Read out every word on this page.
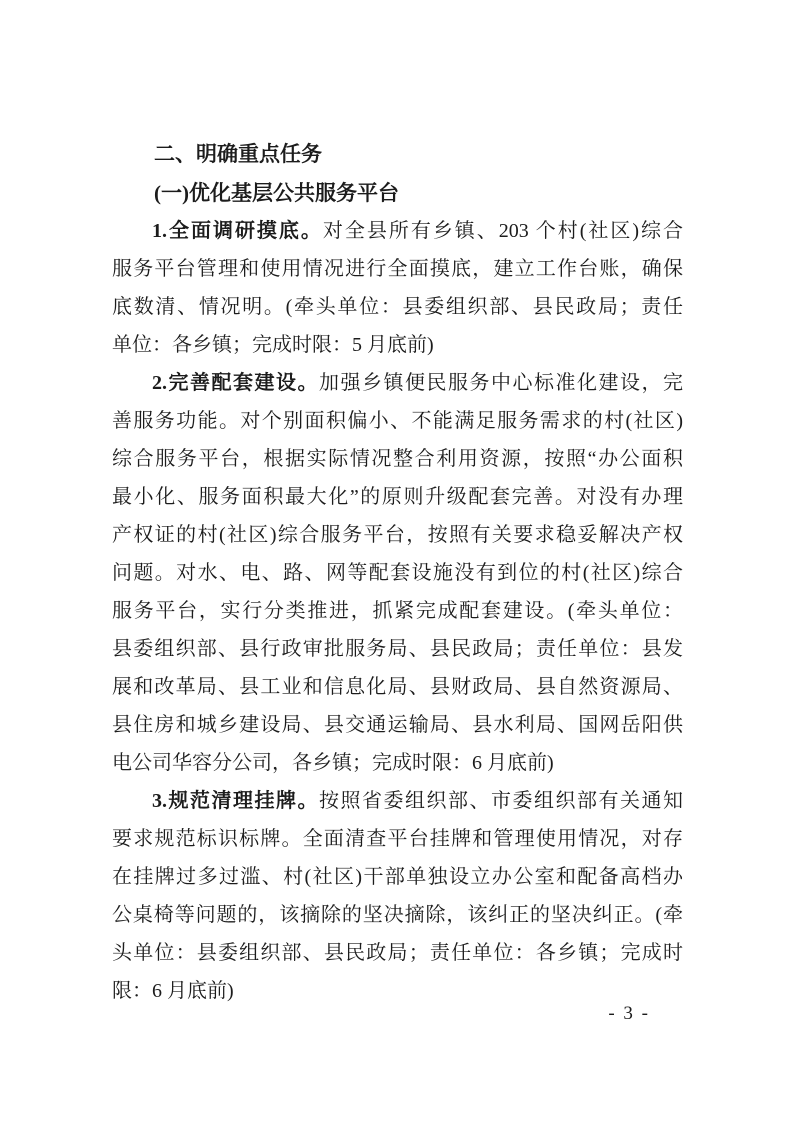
二、明确重点任务
(一)优化基层公共服务平台
1.全面调研摸底。对全县所有乡镇、203 个村(社区)综合
服务平台管理和使用情况进行全面摸底，建立工作台账，确保
底数清、情况明。(牵头单位：县委组织部、县民政局；责任
单位：各乡镇；完成时限：5 月底前)
2.完善配套建设。加强乡镇便民服务中心标准化建设，完
善服务功能。对个别面积偏小、不能满足服务需求的村(社区)
综合服务平台，根据实际情况整合利用资源，按照“办公面积
最小化、服务面积最大化”的原则升级配套完善。对没有办理
产权证的村(社区)综合服务平台，按照有关要求稳妥解决产权
问题。对水、电、路、网等配套设施没有到位的村(社区)综合
服务平台，实行分类推进，抓紧完成配套建设。(牵头单位：
县委组织部、县行政审批服务局、县民政局；责任单位：县发
展和改革局、县工业和信息化局、县财政局、县自然资源局、
县住房和城乡建设局、县交通运输局、县水利局、国网岳阳供
电公司华容分公司，各乡镇；完成时限：6 月底前)
3.规范清理挂牌。按照省委组织部、市委组织部有关通知
要求规范标识标牌。全面清查平台挂牌和管理使用情况，对存
在挂牌过多过滥、村(社区)干部单独设立办公室和配备高档办
公桌椅等问题的，该摘除的坚决摘除，该纠正的坚决纠正。(牵
头单位：县委组织部、县民政局；责任单位：各乡镇；完成时
限：6 月底前)
- 3 -
